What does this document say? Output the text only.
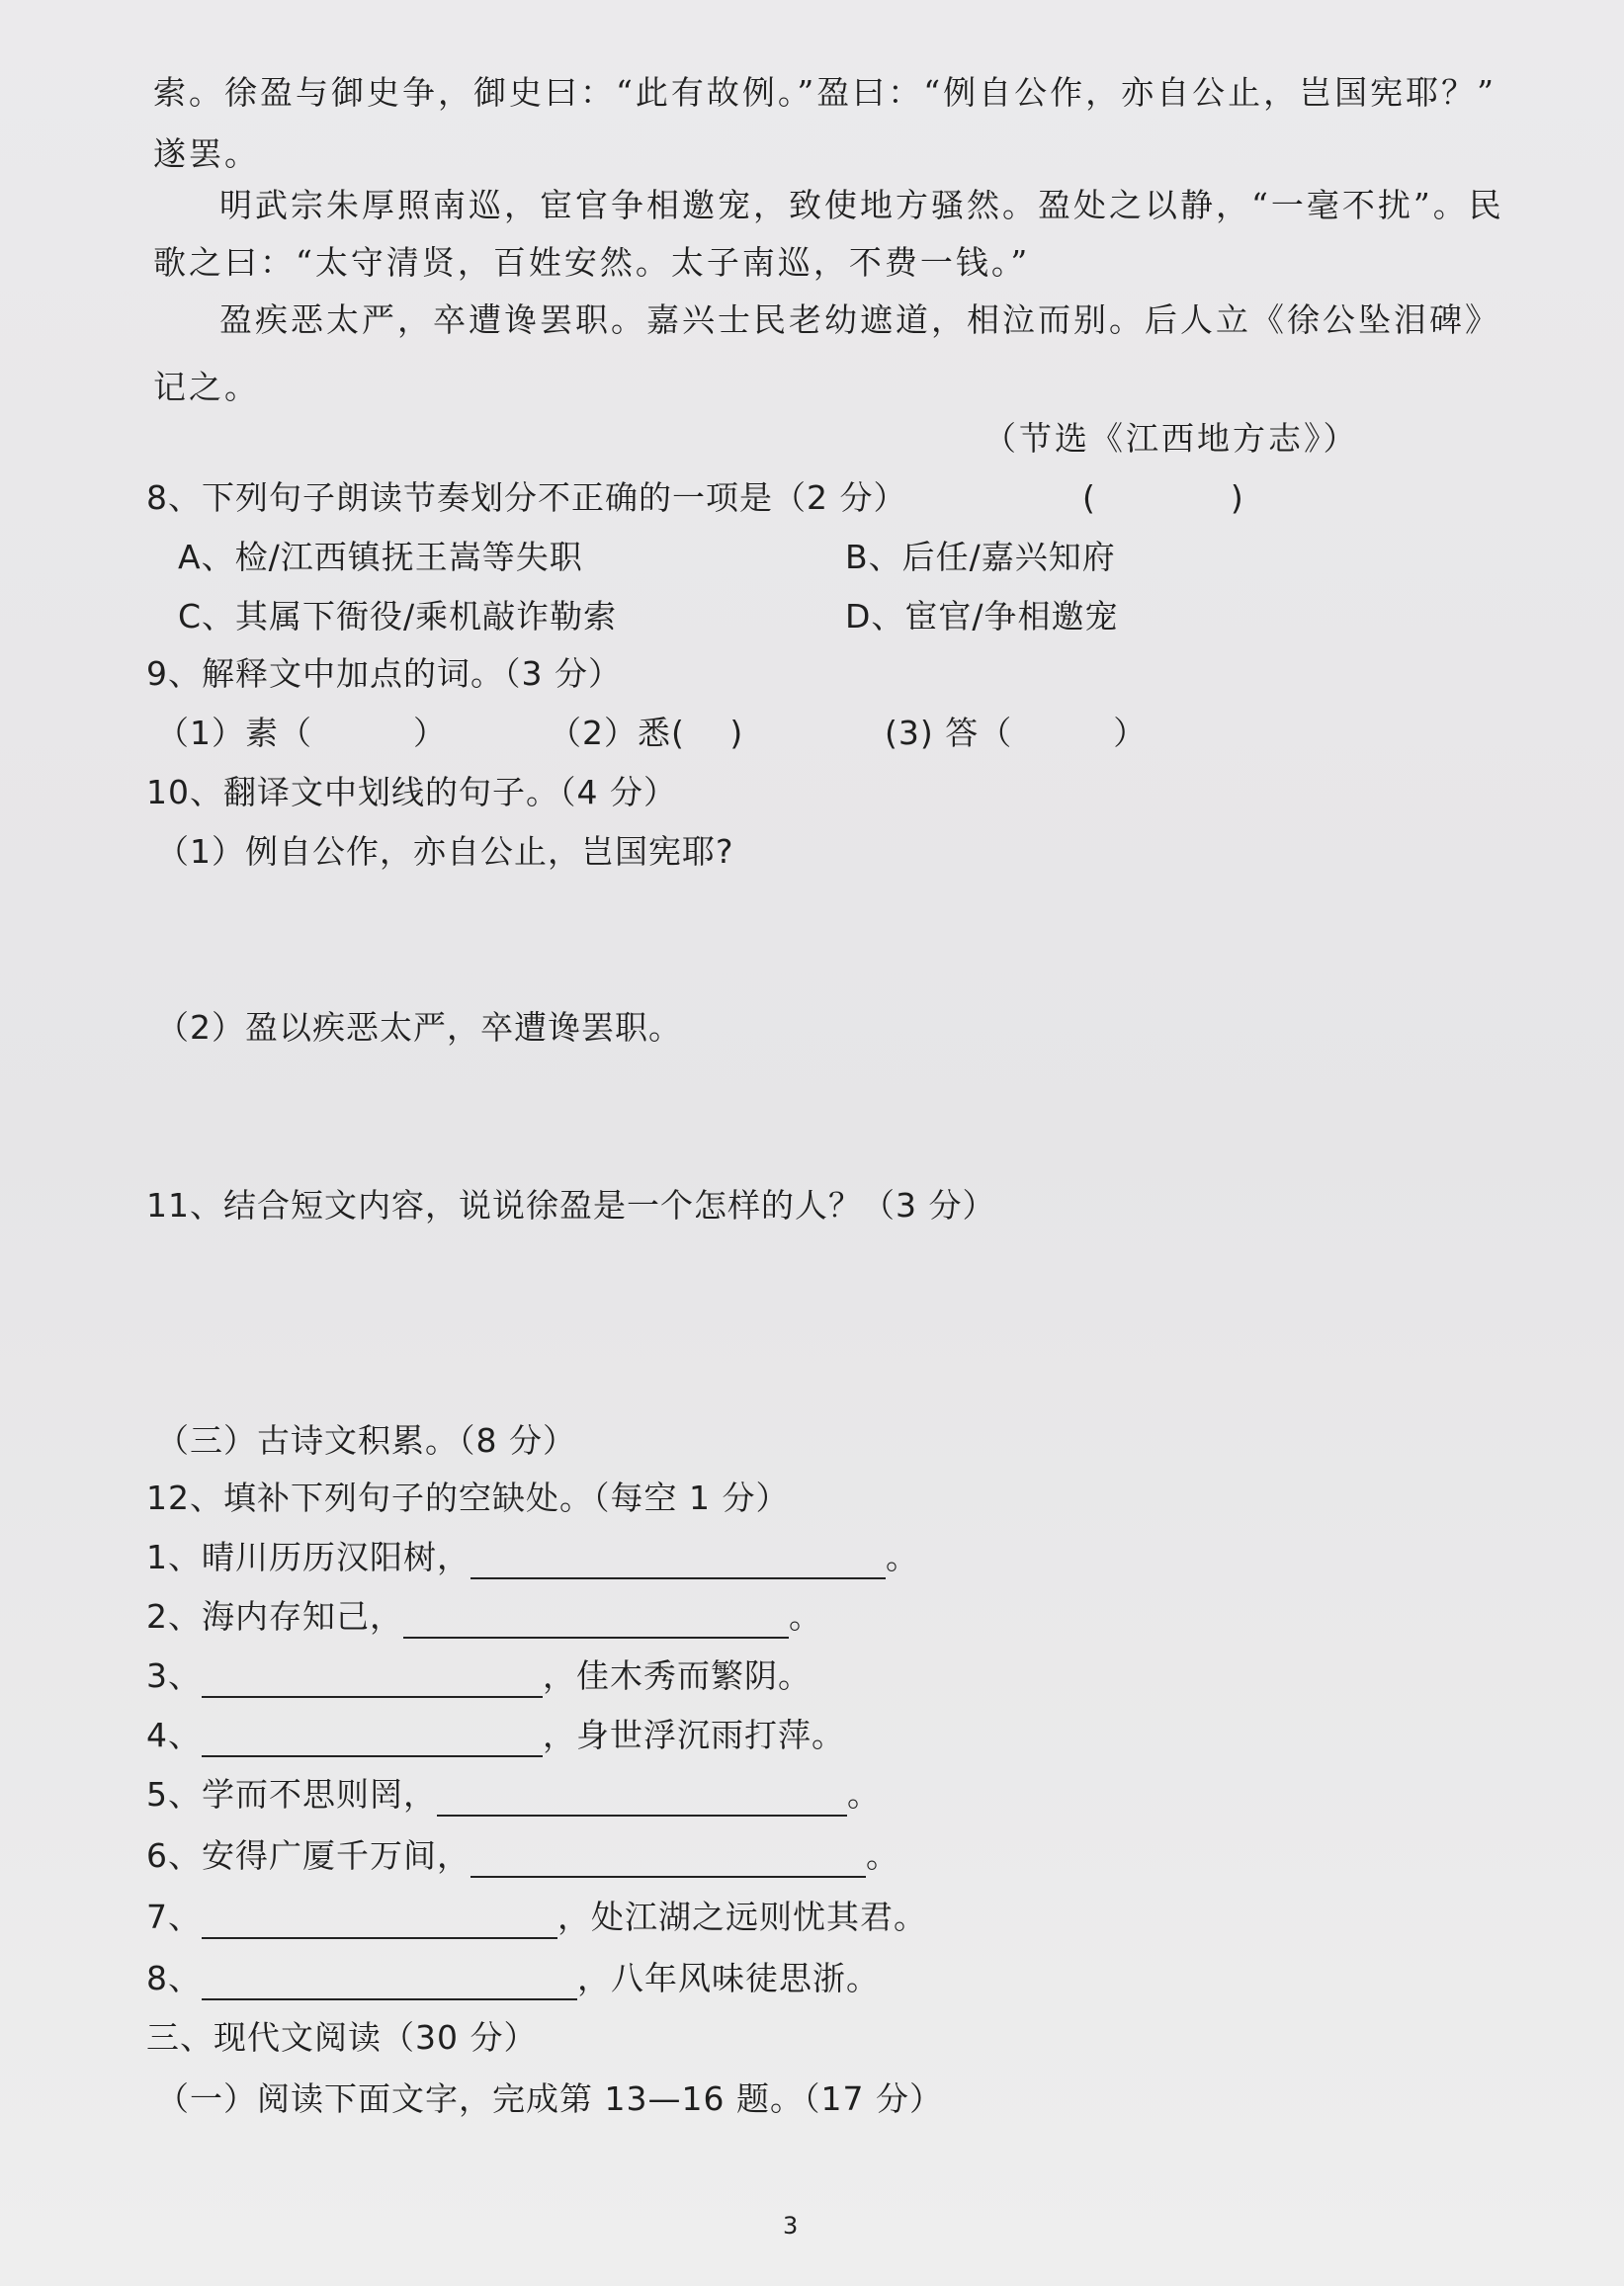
索。徐盈与御史争，御史曰：“此有故例。”盈曰：“例自公作，亦自公止，岂国宪耶？”
遂罢。
明武宗朱厚照南巡，宦官争相邀宠，致使地方骚然。盈处之以静，“一毫不扰”。民
歌之曰：“太守清贤，百姓安然。太子南巡，不费一钱。”
盈疾恶太严，卒遭谗罢职。嘉兴士民老幼遮道，相泣而别。后人立《徐公坠泪碑》
记之。
（节选《江西地方志》）
8、下列句子朗读节奏划分不正确的一项是（2 分）	(　　　　)
A、检/江西镇抚王嵩等失职	B、后任/嘉兴知府
C、其属下衙役/乘机敲诈勒索	D、宦官/争相邀宠
9、解释文中加点的词。（3 分）
（1）素（　　　）	（2）悉(　 )	(3) 答（　　　）
10、翻译文中划线的句子。（4 分）
（1）例自公作，亦自公止，岂国宪耶?
（2）盈以疾恶太严，卒遭谗罢职。
11、结合短文内容，说说徐盈是一个怎样的人？（3 分）
（三）古诗文积累。（8 分）
12、填补下列句子的空缺处。（每空 1 分）
1、晴川历历汉阳树，	。
2、海内存知己，	。
3、	，佳木秀而繁阴。
4、	，身世浮沉雨打萍。
5、学而不思则罔，	。
6、安得广厦千万间，	。
7、	，处江湖之远则忧其君。
8、	，八年风味徒思浙。
三、现代文阅读（30 分）
（一）阅读下面文字，完成第 13—16 题。（17 分）
3
